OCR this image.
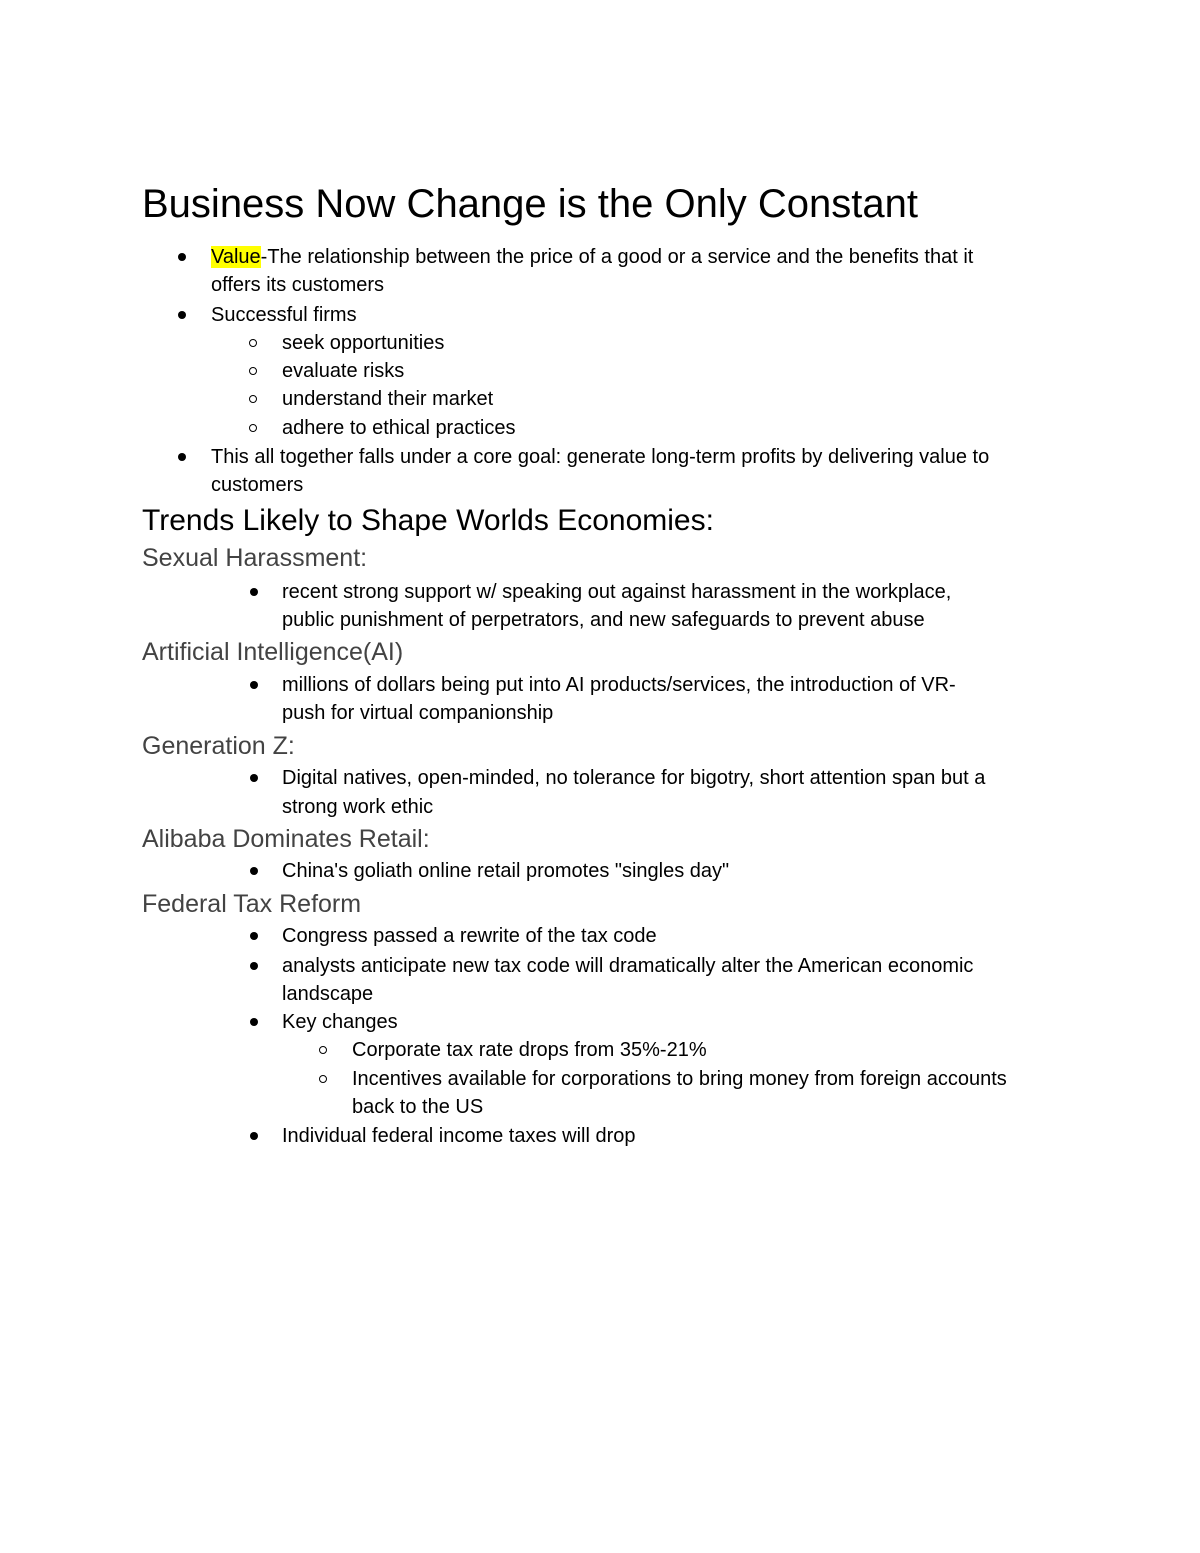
Business Now Change is the Only Constant
Value-The relationship between the price of a good or a service and the benefits that it
offers its customers
Successful firms
seek opportunities
evaluate risks
understand their market
adhere to ethical practices
This all together falls under a core goal: generate long-term profits by delivering value to
customers
Trends Likely to Shape Worlds Economies:
Sexual Harassment:
recent strong support w/ speaking out against harassment in the workplace,
public punishment of perpetrators, and new safeguards to prevent abuse
Artificial Intelligence(AI)
millions of dollars being put into AI products/services, the introduction of VR-
push for virtual companionship
Generation Z:
Digital natives, open-minded, no tolerance for bigotry, short attention span but a
strong work ethic
Alibaba Dominates Retail:
China's goliath online retail promotes "singles day"
Federal Tax Reform
Congress passed a rewrite of the tax code
analysts anticipate new tax code will dramatically alter the American economic
landscape
Key changes
Corporate tax rate drops from 35%-21%
Incentives available for corporations to bring money from foreign accounts
back to the US
Individual federal income taxes will drop
